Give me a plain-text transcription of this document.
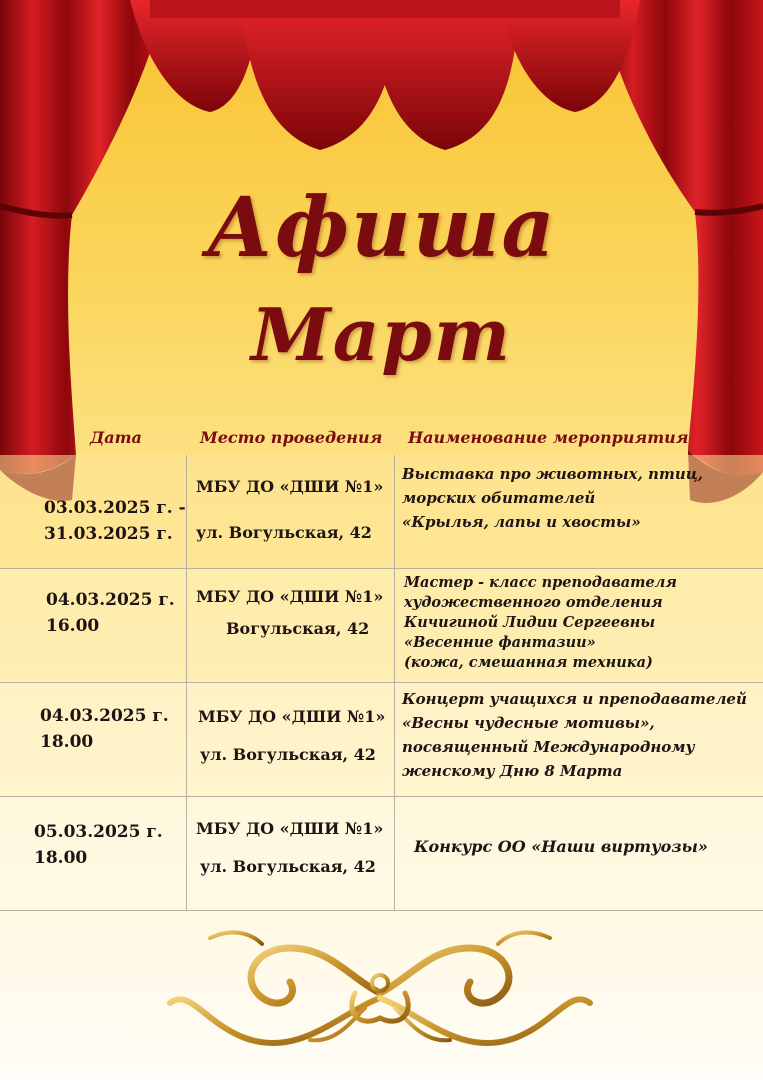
Афиша
Март
Дата	Место проведения Наименование мероприятия
03.03.2025 г. -
31.03.2025 г.
МБУ ДО «ДШИ №1»
ул. Вогульская, 42
Выставка про животных, птиц,
морских обитателей
«Крылья, лапы и хвосты»
04.03.2025 г.
16.00
МБУ ДО «ДШИ №1»
Вогульская, 42
Мастер - класс преподавателя
художественного отделения
Кичигиной Лидии Сергеевны
«Весенние фантазии»
(кожа, смешанная техника)
04.03.2025 г.
18.00
МБУ ДО «ДШИ №1»
ул. Вогульская, 42
Концерт учащихся и преподавателей
«Весны чудесные мотивы»,
посвященный Международному
женскому Дню 8 Марта
05.03.2025 г.
18.00
МБУ ДО «ДШИ №1»
ул. Вогульская, 42
Конкурс ОО «Наши виртуозы»
